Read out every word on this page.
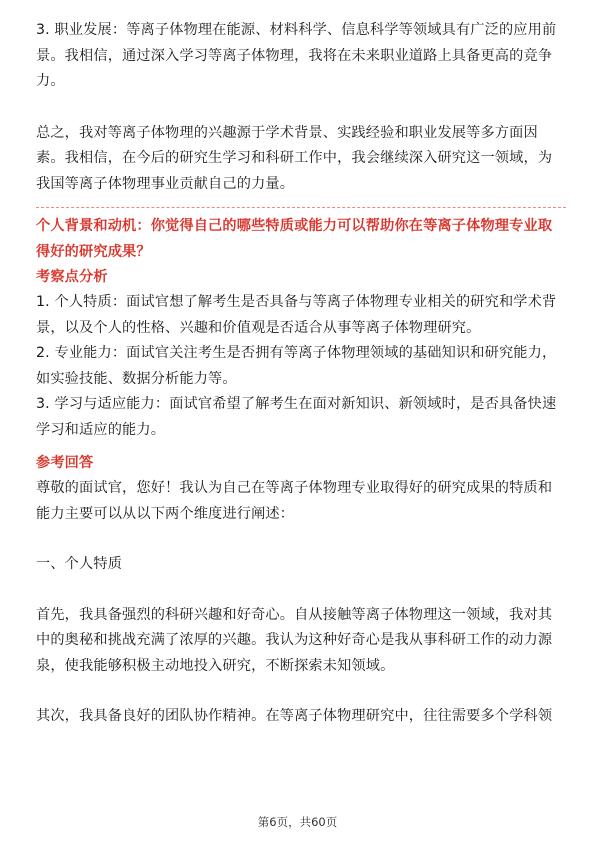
3. 职业发展：等离子体物理在能源、材料科学、信息科学等领域具有广泛的应用前

景。我相信，通过深入学习等离子体物理，我将在未来职业道路上具备更高的竞争

力。

总之，我对等离子体物理的兴趣源于学术背景、实践经验和职业发展等多方面因

素。我相信，在今后的研究生学习和科研工作中，我会继续深入研究这一领域，为

我国等离子体物理事业贡献自己的力量。

个人背景和动机：你觉得自己的哪些特质或能力可以帮助你在等离子体物理专业取

得好的研究成果？

考察点分析

1. 个人特质：面试官想了解考生是否具备与等离子体物理专业相关的研究和学术背

景，以及个人的性格、兴趣和价值观是否适合从事等离子体物理研究。

2. 专业能力：面试官关注考生是否拥有等离子体物理领域的基础知识和研究能力，

如实验技能、数据分析能力等。

3. 学习与适应能力：面试官希望了解考生在面对新知识、新领域时，是否具备快速

学习和适应的能力。

参考回答

尊敬的面试官，您好！我认为自己在等离子体物理专业取得好的研究成果的特质和

能力主要可以从以下两个维度进行阐述：

一、个人特质

首先，我具备强烈的科研兴趣和好奇心。自从接触等离子体物理这一领域，我对其

中的奥秘和挑战充满了浓厚的兴趣。我认为这种好奇心是我从事科研工作的动力源

泉，使我能够积极主动地投入研究，不断探索未知领域。

其次，我具备良好的团队协作精神。在等离子体物理研究中，往往需要多个学科领

第6页，共60页
